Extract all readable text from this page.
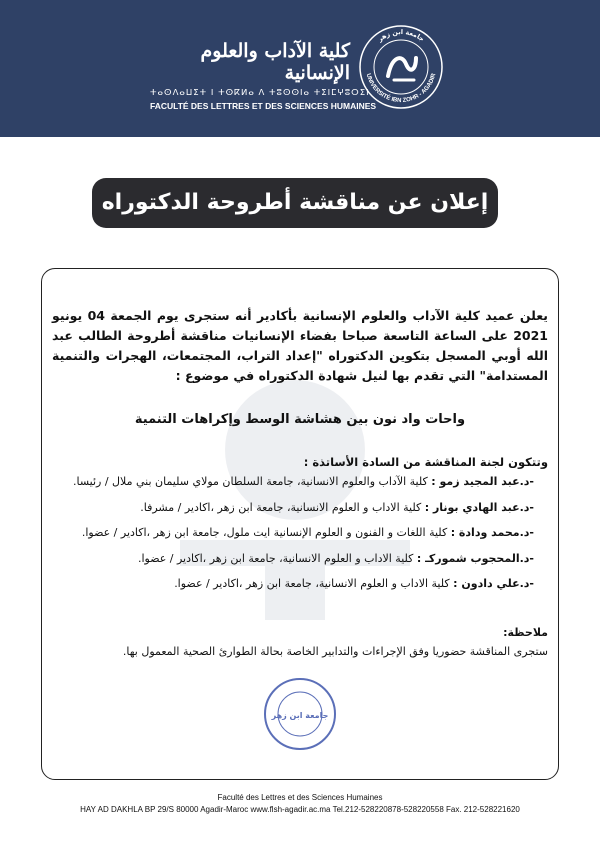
كلية الآداب والعلوم الإنسانية
ⵜⴰⵙⴷⴰⵡⵉⵜ ⵏ ⵜⵙⴽⵍⴰ ⴷ ⵜⵓⵙⵙⵏⴰ ⵜⵉⵏⵎⵖⵓⵔⵉⵏ
FACULTÉ DES LETTRES ET DES SCIENCES HUMAINES
جامعة ابن زهر
UNIVERSITÉ IBN ZOHR - AGADIR
إعلان عن مناقشة أطروحة الدكتوراه
يعلن عميد كلية الآداب والعلوم الإنسانية بأكادير أنه ستجرى يوم الجمعة 04 يونيو 2021 على الساعة التاسعة صباحا بفضاء الإنسانيات مناقشة أطروحة الطالب عبد الله أوبي المسجل بتكوين الدكتوراه "إعداد التراب، المجتمعات، الهجرات والتنمية المستدامة" التي تقدم بها لنيل شهادة الدكتوراه في موضوع :
واحات واد نون بين هشاشة الوسط وإكراهات التنمية
وتتكون لجنة المناقشة من السادة الأساتذة :
-د.عبد المجيد زمو : كلية الآداب والعلوم الانسانية، جامعة السلطان مولاي سليمان بني ملال / رئيسا.
-د.عبد الهادي بونار : كلية الاداب و العلوم الانسانية، جامعة ابن زهر ،اكادير / مشرفا.
-د.محمد ودادة : كلية اللغات و الفنون و العلوم الإنسانية ايت ملول، جامعة ابن زهر ،اكادير / عضوا.
-د.المحجوب شموركـ : كلية الاداب و العلوم الانسانية، جامعة ابن زهر ،اكادير / عضوا.
-د.علي دادون : كلية الاداب و العلوم الانسانية، جامعة ابن زهر ،اكادير / عضوا.
ملاحظة:
ستجرى المناقشة حضوريا وفق الإجراءات والتدابير الخاصة بحالة الطوارئ الصحية المعمول بها.
جامعة ابن زهر
Faculté des Lettres et des Sciences Humaines
HAY AD DAKHLA BP 29/S 80000 Agadir-Maroc www.flsh-agadir.ac.ma Tel.212-528220878-528220558 Fax. 212-528221620
